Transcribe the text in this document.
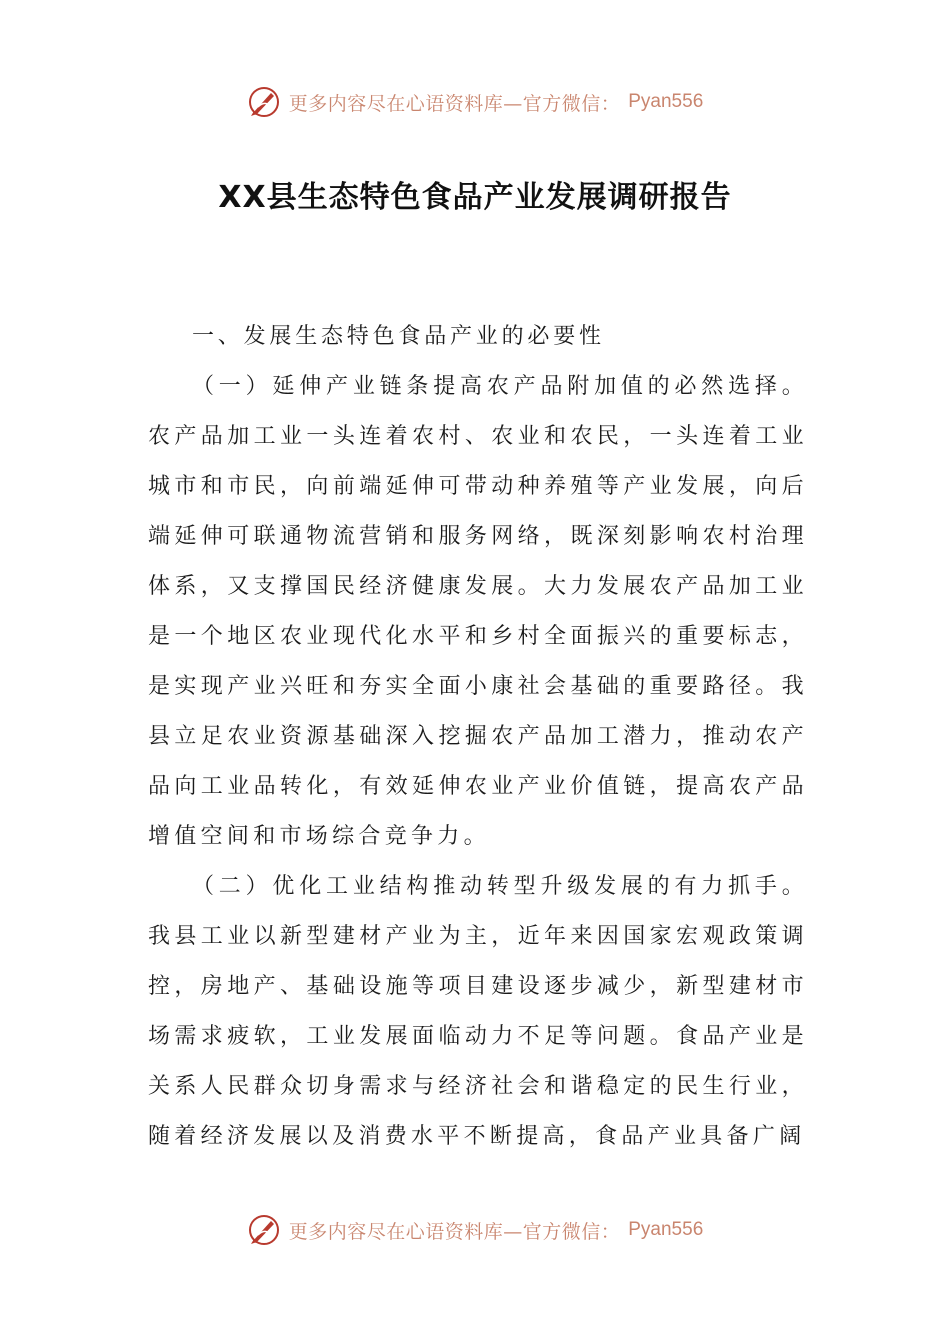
更多内容尽在心语资料库—官方微信： Pyan556
XX县生态特色食品产业发展调研报告

一、发展生态特色食品产业的必要性

（一）延伸产业链条提高农产品附加值的必然选择。农产品加工业一头连着农村、农业和农民，一头连着工业城市和市民，向前端延伸可带动种养殖等产业发展，向后端延伸可联通物流营销和服务网络，既深刻影响农村治理体系，又支撑国民经济健康发展。大力发展农产品加工业是一个地区农业现代化水平和乡村全面振兴的重要标志，是实现产业兴旺和夯实全面小康社会基础的重要路径。我县立足农业资源基础深入挖掘农产品加工潜力，推动农产品向工业品转化，有效延伸农业产业价值链，提高农产品增值空间和市场综合竞争力。

（二）优化工业结构推动转型升级发展的有力抓手。我县工业以新型建材产业为主，近年来因国家宏观政策调控，房地产、基础设施等项目建设逐步减少，新型建材市场需求疲软，工业发展面临动力不足等问题。食品产业是关系人民群众切身需求与经济社会和谐稳定的民生行业，随着经济发展以及消费水平不断提高，食品产业具备广阔

更多内容尽在心语资料库—官方微信： Pyan556
